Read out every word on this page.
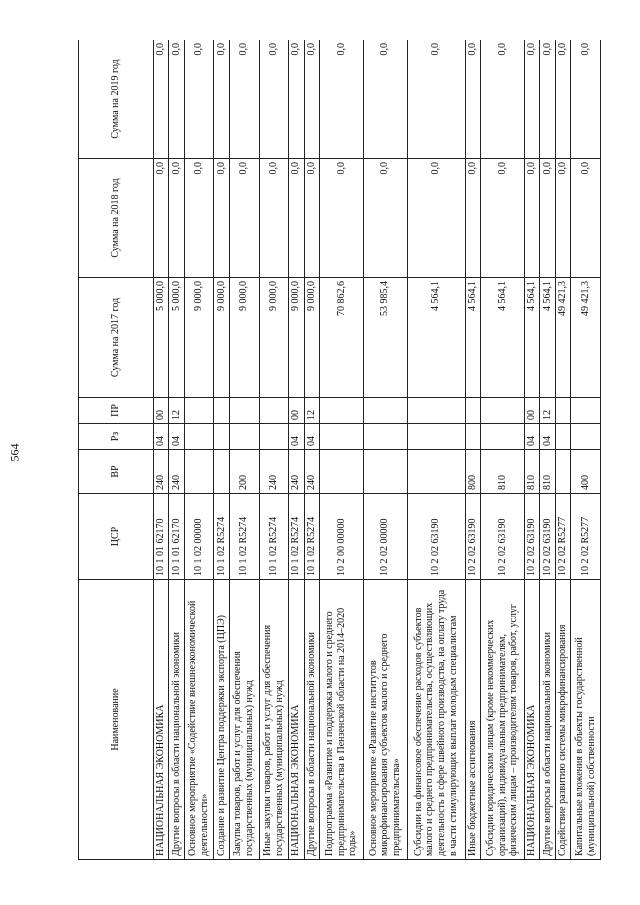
564
Наименование	ЦСР	ВР	Рз	ПР	Сумма на 2017 год	Сумма на 2018 год	Сумма на 2019 год
НАЦИОНАЛЬНАЯ ЭКОНОМИКА	10 1 01 62170	240	04	00	5 000,0	0,0	0,0
Другие вопросы в области национальной экономики	10 1 01 62170	240	04	12	5 000,0	0,0	0,0
Основное мероприятие «Содействие внешнеэкономической деятельности»	10 1 02 00000				9 000,0	0,0	0,0
Создание и развитие Центра поддержки экспорта (ЦПЭ)	10 1 02 R5274				9 000,0	0,0	0,0
Закупка товаров, работ и услуг для обеспечения государственных (муниципальных) нужд	10 1 02 R5274	200			9 000,0	0,0	0,0
Иные закупки товаров, работ и услуг для обеспечения государственных (муниципальных) нужд	10 1 02 R5274	240			9 000,0	0,0	0,0
НАЦИОНАЛЬНАЯ ЭКОНОМИКА	10 1 02 R5274	240	04	00	9 000,0	0,0	0,0
Другие вопросы в области национальной экономики	10 1 02 R5274	240	04	12	9 000,0	0,0	0,0
Подпрограмма «Развитие и поддержка малого и среднего предпринимательства в Пензенской области на 2014–2020 годы»	10 2 00 00000				70 862,6	0,0	0,0
Основное мероприятие «Развитие институтов микрофинансирования субъектов малого и среднего предпринимательства»	10 2 02 00000				53 985,4	0,0	0,0
Субсидии на финансовое обеспечение расходов субъектов малого и среднего предпринимательства, осуществляющих деятельность в сфере швейного производства, на оплату труда в части стимулирующих выплат молодым специалистам	10 2 02 63190				4 564,1	0,0	0,0
Иные бюджетные ассигнования	10 2 02 63190	800			4 564,1	0,0	0,0
Субсидии юридическим лицам (кроме некоммерческих организаций), индивидуальным предпринимателям, физическим лицам – производителям товаров, работ, услуг	10 2 02 63190	810			4 564,1	0,0	0,0
НАЦИОНАЛЬНАЯ ЭКОНОМИКА	10 2 02 63190	810	04	00	4 564,1	0,0	0,0
Другие вопросы в области национальной экономики	10 2 02 63190	810	04	12	4 564,1	0,0	0,0
Содействие развитию системы микрофинансирования	10 2 02 R5277				49 421,3	0,0	0,0
Капитальные вложения в объекты государственной (муниципальной) собственности	10 2 02 R5277	400			49 421,3	0,0	0,0
